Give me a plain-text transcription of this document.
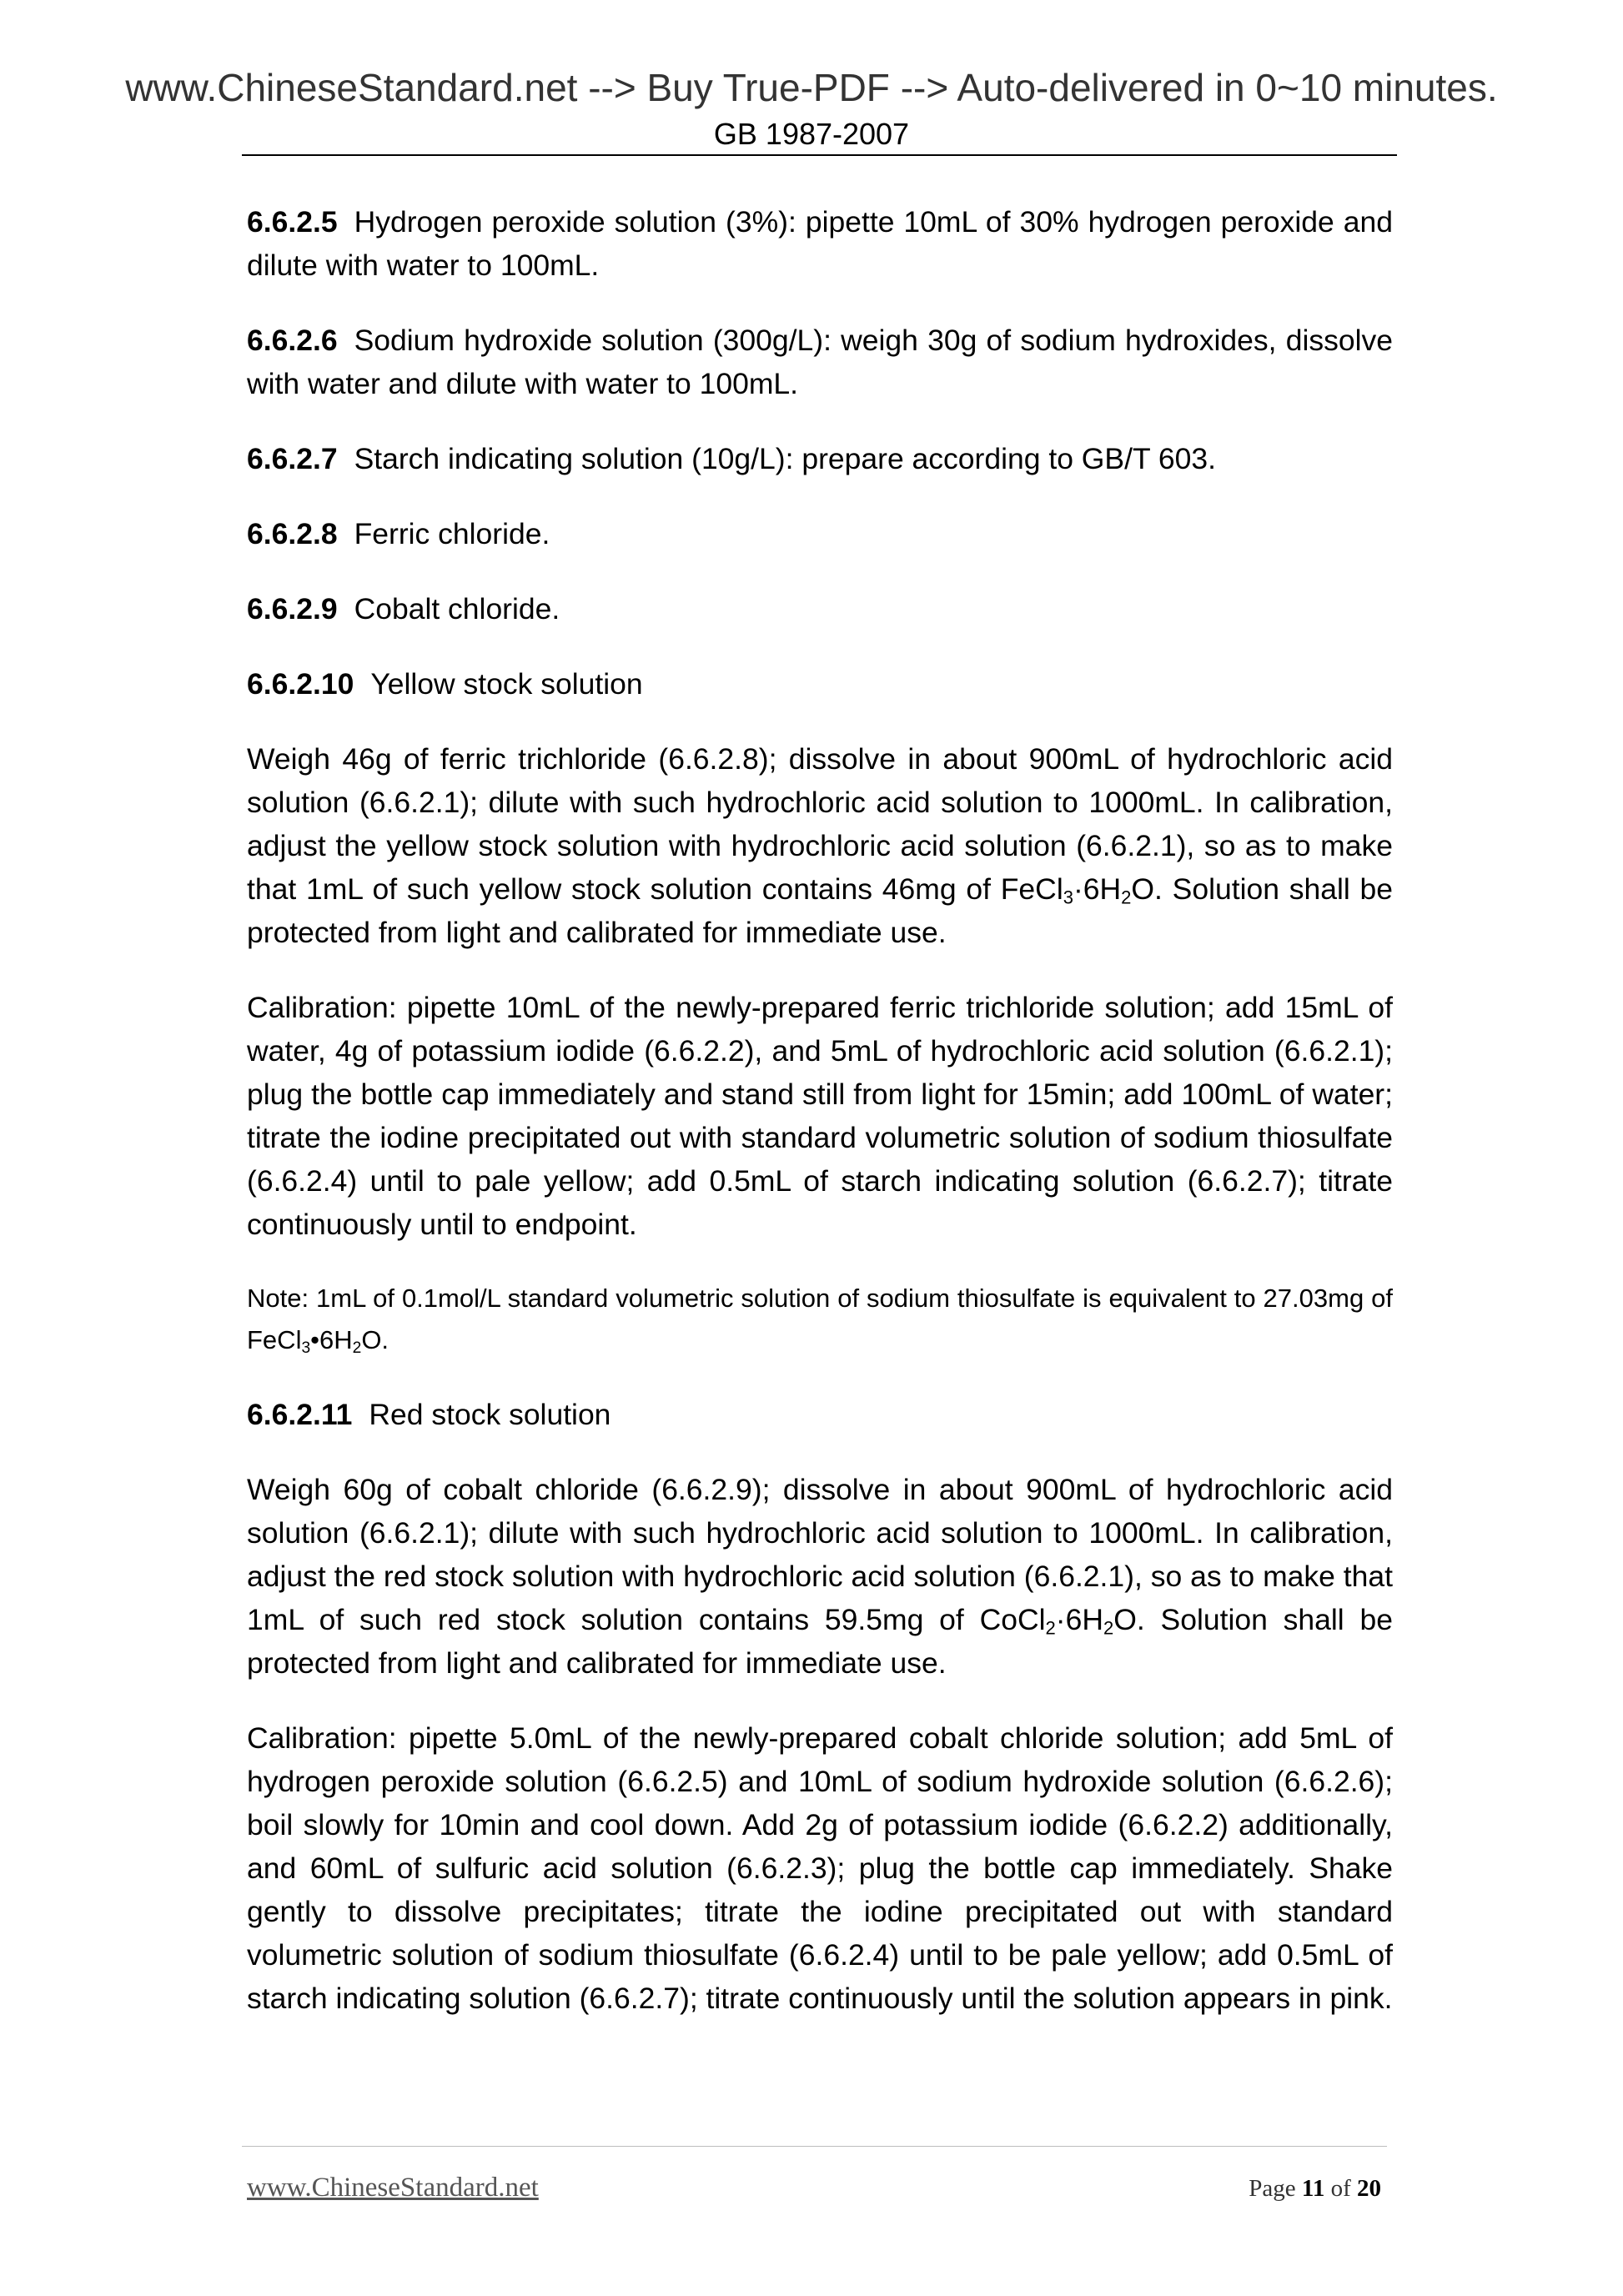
www.ChineseStandard.net --> Buy True-PDF --> Auto-delivered in 0~10 minutes.
GB 1987-2007

6.6.2.5 Hydrogen peroxide solution (3%): pipette 10mL of 30% hydrogen peroxide and dilute with water to 100mL.

6.6.2.6 Sodium hydroxide solution (300g/L): weigh 30g of sodium hydroxides, dissolve with water and dilute with water to 100mL.

6.6.2.7 Starch indicating solution (10g/L): prepare according to GB/T 603.

6.6.2.8 Ferric chloride.

6.6.2.9 Cobalt chloride.

6.6.2.10 Yellow stock solution

Weigh 46g of ferric trichloride (6.6.2.8); dissolve in about 900mL of hydrochloric acid solution (6.6.2.1); dilute with such hydrochloric acid solution to 1000mL. In calibration, adjust the yellow stock solution with hydrochloric acid solution (6.6.2.1), so as to make that 1mL of such yellow stock solution contains 46mg of $FeCl_3\cdot 6H_2O$. Solution shall be protected from light and calibrated for immediate use.

Calibration: pipette 10mL of the newly-prepared ferric trichloride solution; add 15mL of water, 4g of potassium iodide (6.6.2.2), and 5mL of hydrochloric acid solution (6.6.2.1); plug the bottle cap immediately and stand still from light for 15min; add 100mL of water; titrate the iodine precipitated out with standard volumetric solution of sodium thiosulfate (6.6.2.4) until to pale yellow; add 0.5mL of starch indicating solution (6.6.2.7); titrate continuously until to endpoint.

Note: 1mL of 0.1mol/L standard volumetric solution of sodium thiosulfate is equivalent to 27.03mg of $FeCl_3•6H_2O$.

6.6.2.11 Red stock solution

Weigh 60g of cobalt chloride (6.6.2.9); dissolve in about 900mL of hydrochloric acid solution (6.6.2.1); dilute with such hydrochloric acid solution to 1000mL. In calibration, adjust the red stock solution with hydrochloric acid solution (6.6.2.1), so as to make that 1mL of such red stock solution contains 59.5mg of $CoCl_2\cdot 6H_2O$. Solution shall be protected from light and calibrated for immediate use.

Calibration: pipette 5.0mL of the newly-prepared cobalt chloride solution; add 5mL of hydrogen peroxide solution (6.6.2.5) and 10mL of sodium hydroxide solution (6.6.2.6); boil slowly for 10min and cool down. Add 2g of potassium iodide (6.6.2.2) additionally, and 60mL of sulfuric acid solution (6.6.2.3); plug the bottle cap immediately. Shake gently to dissolve precipitates; titrate the iodine precipitated out with standard volumetric solution of sodium thiosulfate (6.6.2.4) until to be pale yellow; add 0.5mL of starch indicating solution (6.6.2.7); titrate continuously until the solution appears in pink.

www.ChineseStandard.net	Page 11 of 20
